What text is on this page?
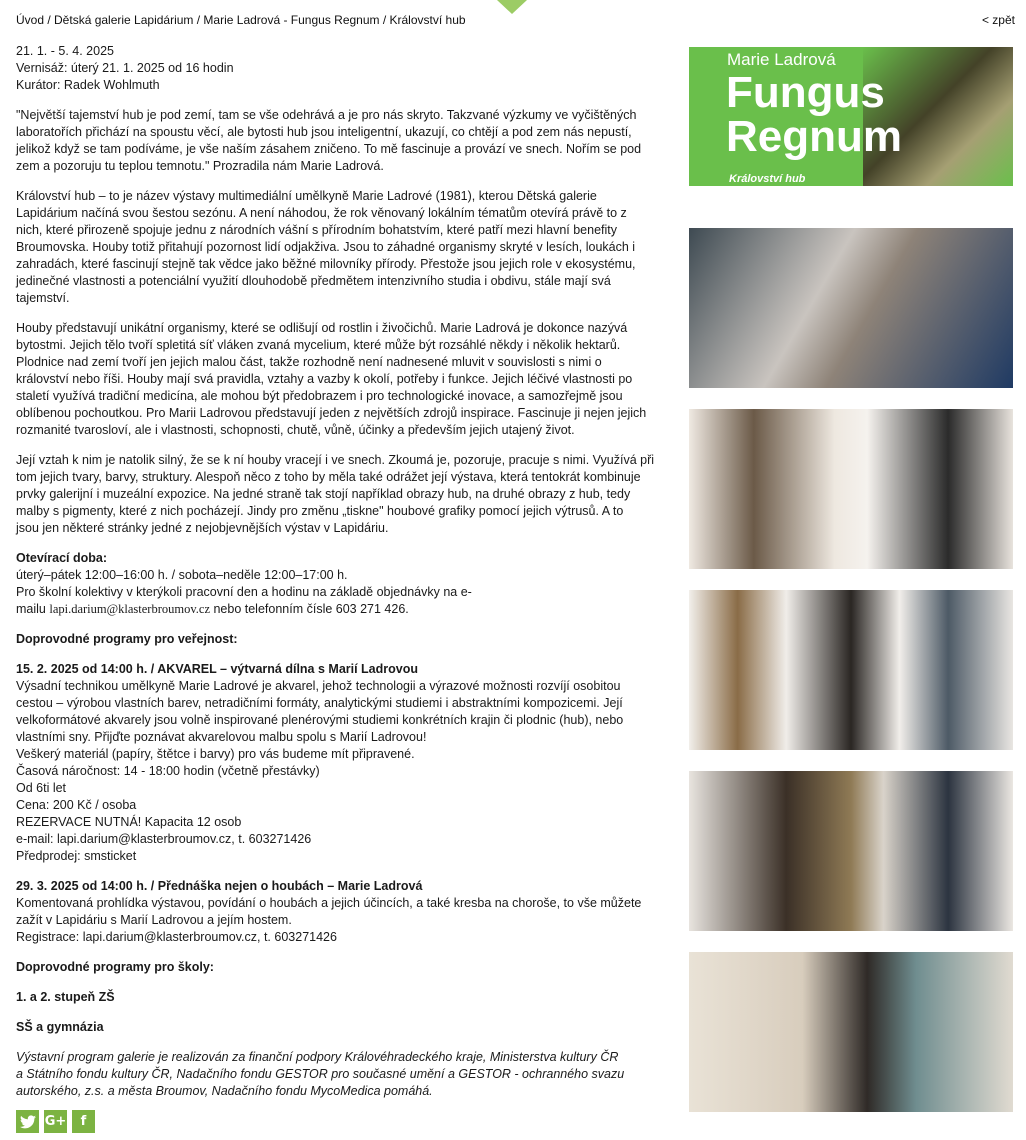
Úvod / Dětská galerie Lapidárium / Marie Ladrová - Fungus Regnum / Království hub	< zpět

21. 1. - 5. 4. 2025
Vernisáž: úterý 21. 1. 2025 od 16 hodin
Kurátor: Radek Wohlmuth

"Největší tajemství hub je pod zemí, tam se vše odehrává a je pro nás skryto. Takzvané výzkumy ve vyčištěných
laboratořích přichází na spoustu věcí, ale bytosti hub jsou inteligentní, ukazují, co chtějí a pod zem nás nepustí,
jelikož když se tam podíváme, je vše naším zásahem zničeno. To mě fascinuje a provází ve snech. Nořím se pod
zem a pozoruju tu teplou temnotu." Prozradila nám Marie Ladrová.

Království hub – to je název výstavy multimediální umělkyně Marie Ladrové (1981), kterou Dětská galerie
Lapidárium načíná svou šestou sezónu. A není náhodou, že rok věnovaný lokálním tématům otevírá právě to z
nich, které přirozeně spojuje jednu z národních vášní s přírodním bohatstvím, které patří mezi hlavní benefity
Broumovska. Houby totiž přitahují pozornost lidí odjakživa. Jsou to záhadné organismy skryté v lesích, loukách i
zahradách, které fascinují stejně tak vědce jako běžné milovníky přírody. Přestože jsou jejich role v ekosystému,
jedinečné vlastnosti a potenciální využití dlouhodobě předmětem intenzivního studia i obdivu, stále mají svá
tajemství.

Houby představují unikátní organismy, které se odlišují od rostlin i živočichů. Marie Ladrová je dokonce nazývá
bytostmi. Jejich tělo tvoří spletitá síť vláken zvaná mycelium, které může být rozsáhlé někdy i několik hektarů.
Plodnice nad zemí tvoří jen jejich malou část, takže rozhodně není nadnesené mluvit v souvislosti s nimi o
království nebo říši. Houby mají svá pravidla, vztahy a vazby k okolí, potřeby i funkce. Jejich léčivé vlastnosti po
staletí využívá tradiční medicína, ale mohou být předobrazem i pro technologické inovace, a samozřejmě jsou
oblíbenou pochoutkou. Pro Marii Ladrovou představují jeden z největších zdrojů inspirace. Fascinuje ji nejen jejich
rozmanité tvarosloví, ale i vlastnosti, schopnosti, chutě, vůně, účinky a především jejich utajený život.

Její vztah k nim je natolik silný, že se k ní houby vracejí i ve snech. Zkoumá je, pozoruje, pracuje s nimi. Využívá při
tom jejich tvary, barvy, struktury. Alespoň něco z toho by měla také odrážet její výstava, která tentokrát kombinuje
prvky galerijní i muzeální expozice. Na jedné straně tak stojí například obrazy hub, na druhé obrazy z hub, tedy
malby s pigmenty, které z nich pocházejí. Jindy pro změnu „tiskne" houbové grafiky pomocí jejich výtrusů. A to
jsou jen některé stránky jedné z nejobjevnějších výstav v Lapidáriu.

Otevírací doba:
úterý–pátek 12:00–16:00 h. / sobota–neděle 12:00–17:00 h.
Pro školní kolektivy v kterýkoli pracovní den a hodinu na základě objednávky na e-
mailu lapi.darium@klasterbroumov.cz nebo telefonním čísle 603 271 426.

Doprovodné programy pro veřejnost:

15. 2. 2025 od 14:00 h. / AKVAREL – výtvarná dílna s Marií Ladrovou
Výsadní technikou umělkyně Marie Ladrové je akvarel, jehož technologii a výrazové možnosti rozvíjí osobitou
cestou – výrobou vlastních barev, netradičními formáty, analytickými studiemi i abstraktními kompozicemi. Její
velkoformátové akvarely jsou volně inspirované plenérovými studiemi konkrétních krajin či plodnic (hub), nebo
vlastními sny. Přijďte poznávat akvarelovou malbu spolu s Marií Ladrovou!
Veškerý materiál (papíry, štětce i barvy) pro vás budeme mít připravené.
Časová náročnost: 14 - 18:00 hodin (včetně přestávky)
Od 6ti let
Cena: 200 Kč / osoba
REZERVACE NUTNÁ! Kapacita 12 osob
e-mail: lapi.darium@klasterbroumov.cz, t. 603271426
Předprodej: smsticket

29. 3. 2025 od 14:00 h. / Přednáška nejen o houbách – Marie Ladrová
Komentovaná prohlídka výstavou, povídání o houbách a jejich účincích, a také kresba na choroše, to vše můžete
zažít v Lapidáriu s Marií Ladrovou a jejím hostem.
Registrace: lapi.darium@klasterbroumov.cz, t. 603271426

Doprovodné programy pro školy:

1. a 2. stupeň ZŠ

SŠ a gymnázia

Výstavní program galerie je realizován za finanční podpory Královéhradeckého kraje, Ministerstva kultury ČR
a Státního fondu kultury ČR, Nadačního fondu GESTOR pro současné umění a GESTOR - ochranného svazu
autorského, z.s. a města Broumov, Nadačního fondu MycoMedica pomáhá.

G+	f
Marie Ladrová
Fungus
Regnum
Království hub
